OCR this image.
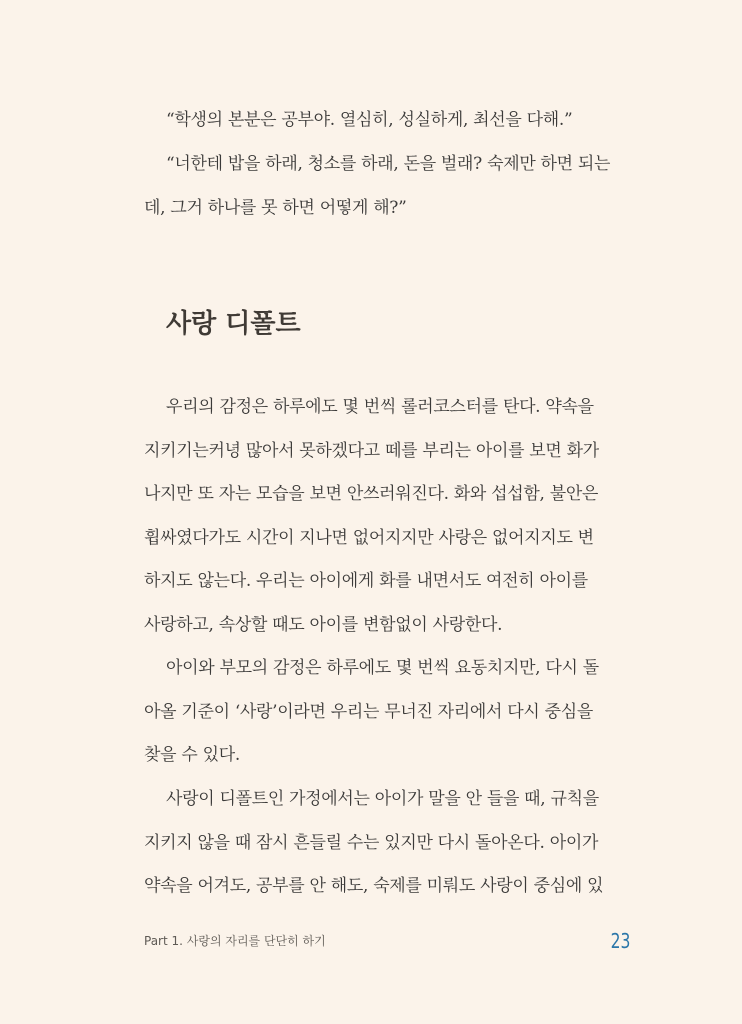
“학생의 본분은 공부야. 열심히, 성실하게, 최선을 다해.”
“너한테 밥을 하래, 청소를 하래, 돈을 벌래? 숙제만 하면 되는
데, 그거 하나를 못 하면 어떻게 해?”
사랑 디폴트
우리의 감정은 하루에도 몇 번씩 롤러코스터를 탄다. 약속을
지키기는커녕 많아서 못하겠다고 떼를 부리는 아이를 보면 화가
나지만 또 자는 모습을 보면 안쓰러워진다. 화와 섭섭함, 불안은
휩싸였다가도 시간이 지나면 없어지지만 사랑은 없어지지도 변
하지도 않는다. 우리는 아이에게 화를 내면서도 여전히 아이를
사랑하고, 속상할 때도 아이를 변함없이 사랑한다.
아이와 부모의 감정은 하루에도 몇 번씩 요동치지만, 다시 돌
아올 기준이 ‘사랑’이라면 우리는 무너진 자리에서 다시 중심을
찾을 수 있다.
사랑이 디폴트인 가정에서는 아이가 말을 안 들을 때, 규칙을
지키지 않을 때 잠시 흔들릴 수는 있지만 다시 돌아온다. 아이가
약속을 어겨도, 공부를 안 해도, 숙제를 미뤄도 사랑이 중심에 있
Part 1. 사랑의 자리를 단단히 하기	23
